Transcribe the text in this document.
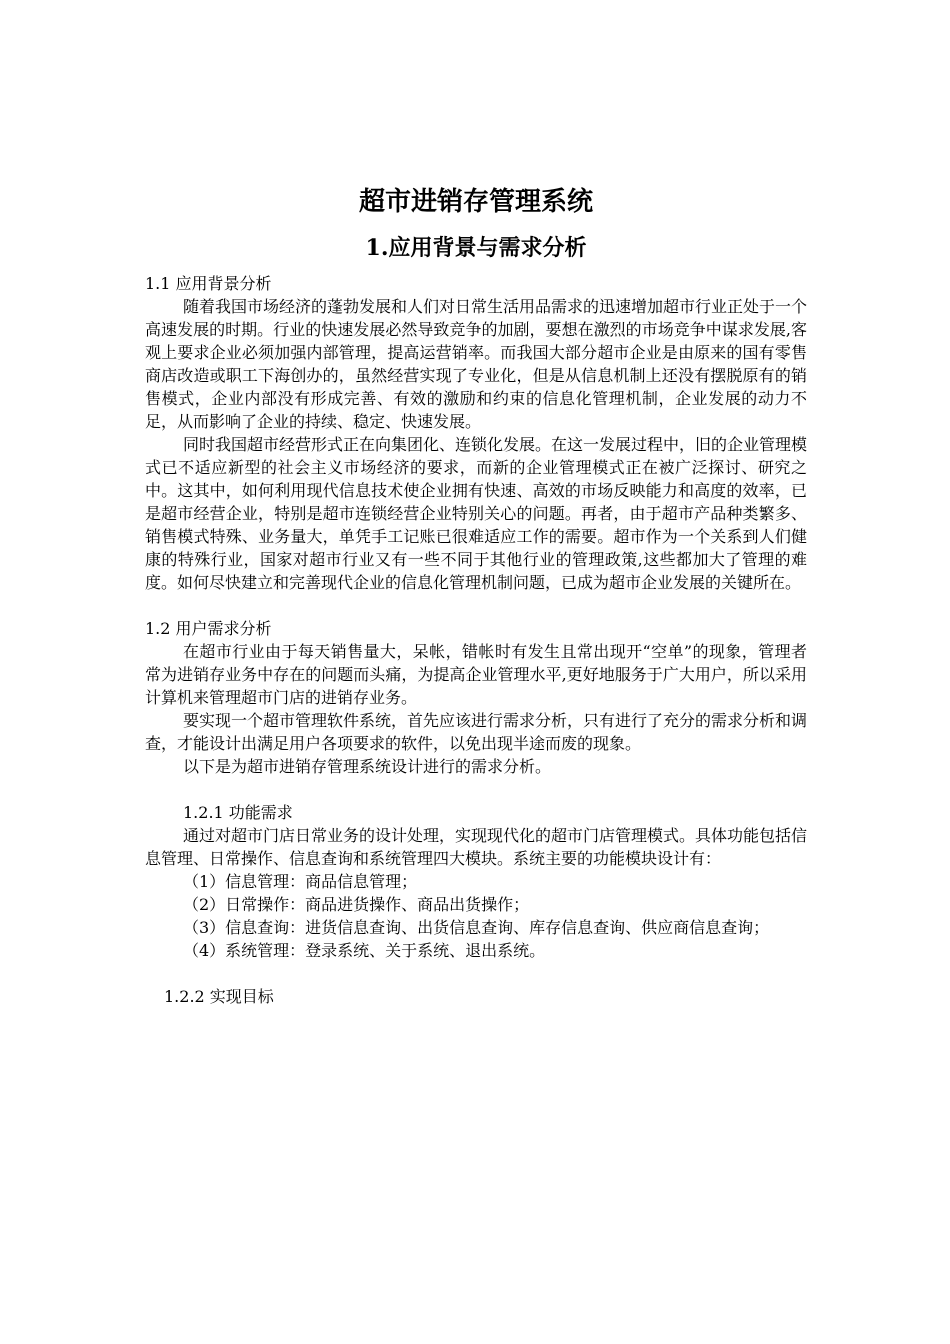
超市进销存管理系统
1.应用背景与需求分析
1.1 应用背景分析

随着我国市场经济的蓬勃发展和人们对日常生活用品需求的迅速增加超市行业正处于一个高速发展的时期。行业的快速发展必然导致竞争的加剧，要想在激烈的市场竞争中谋求发展,客观上要求企业必须加强内部管理，提高运营销率。而我国大部分超市企业是由原来的国有零售商店改造或职工下海创办的，虽然经营实现了专业化，但是从信息机制上还没有摆脱原有的销售模式，企业内部没有形成完善、有效的激励和约束的信息化管理机制，企业发展的动力不足，从而影响了企业的持续、稳定、快速发展。

同时我国超市经营形式正在向集团化、连锁化发展。在这一发展过程中，旧的企业管理模式已不适应新型的社会主义市场经济的要求，而新的企业管理模式正在被广泛探讨、研究之中。这其中，如何利用现代信息技术使企业拥有快速、高效的市场反映能力和高度的效率，已是超市经营企业，特别是超市连锁经营企业特别关心的问题。再者，由于超市产品种类繁多、销售模式特殊、业务量大，单凭手工记账已很难适应工作的需要。超市作为一个关系到人们健康的特殊行业，国家对超市行业又有一些不同于其他行业的管理政策,这些都加大了管理的难度。如何尽快建立和完善现代企业的信息化管理机制问题，已成为超市企业发展的关键所在。

1.2 用户需求分析

在超市行业由于每天销售量大，呆帐，错帐时有发生且常出现开“空单”的现象，管理者常为进销存业务中存在的问题而头痛，为提高企业管理水平,更好地服务于广大用户，所以采用计算机来管理超市门店的进销存业务。

要实现一个超市管理软件系统，首先应该进行需求分析，只有进行了充分的需求分析和调查，才能设计出满足用户各项要求的软件，以免出现半途而废的现象。

以下是为超市进销存管理系统设计进行的需求分析。

1.2.1 功能需求

通过对超市门店日常业务的设计处理，实现现代化的超市门店管理模式。具体功能包括信息管理、日常操作、信息查询和系统管理四大模块。系统主要的功能模块设计有：

（1）信息管理：商品信息管理；

（2）日常操作：商品进货操作、商品出货操作；

（3）信息查询：进货信息查询、出货信息查询、库存信息查询、供应商信息查询；

（4）系统管理：登录系统、关于系统、退出系统。

1.2.2 实现目标
